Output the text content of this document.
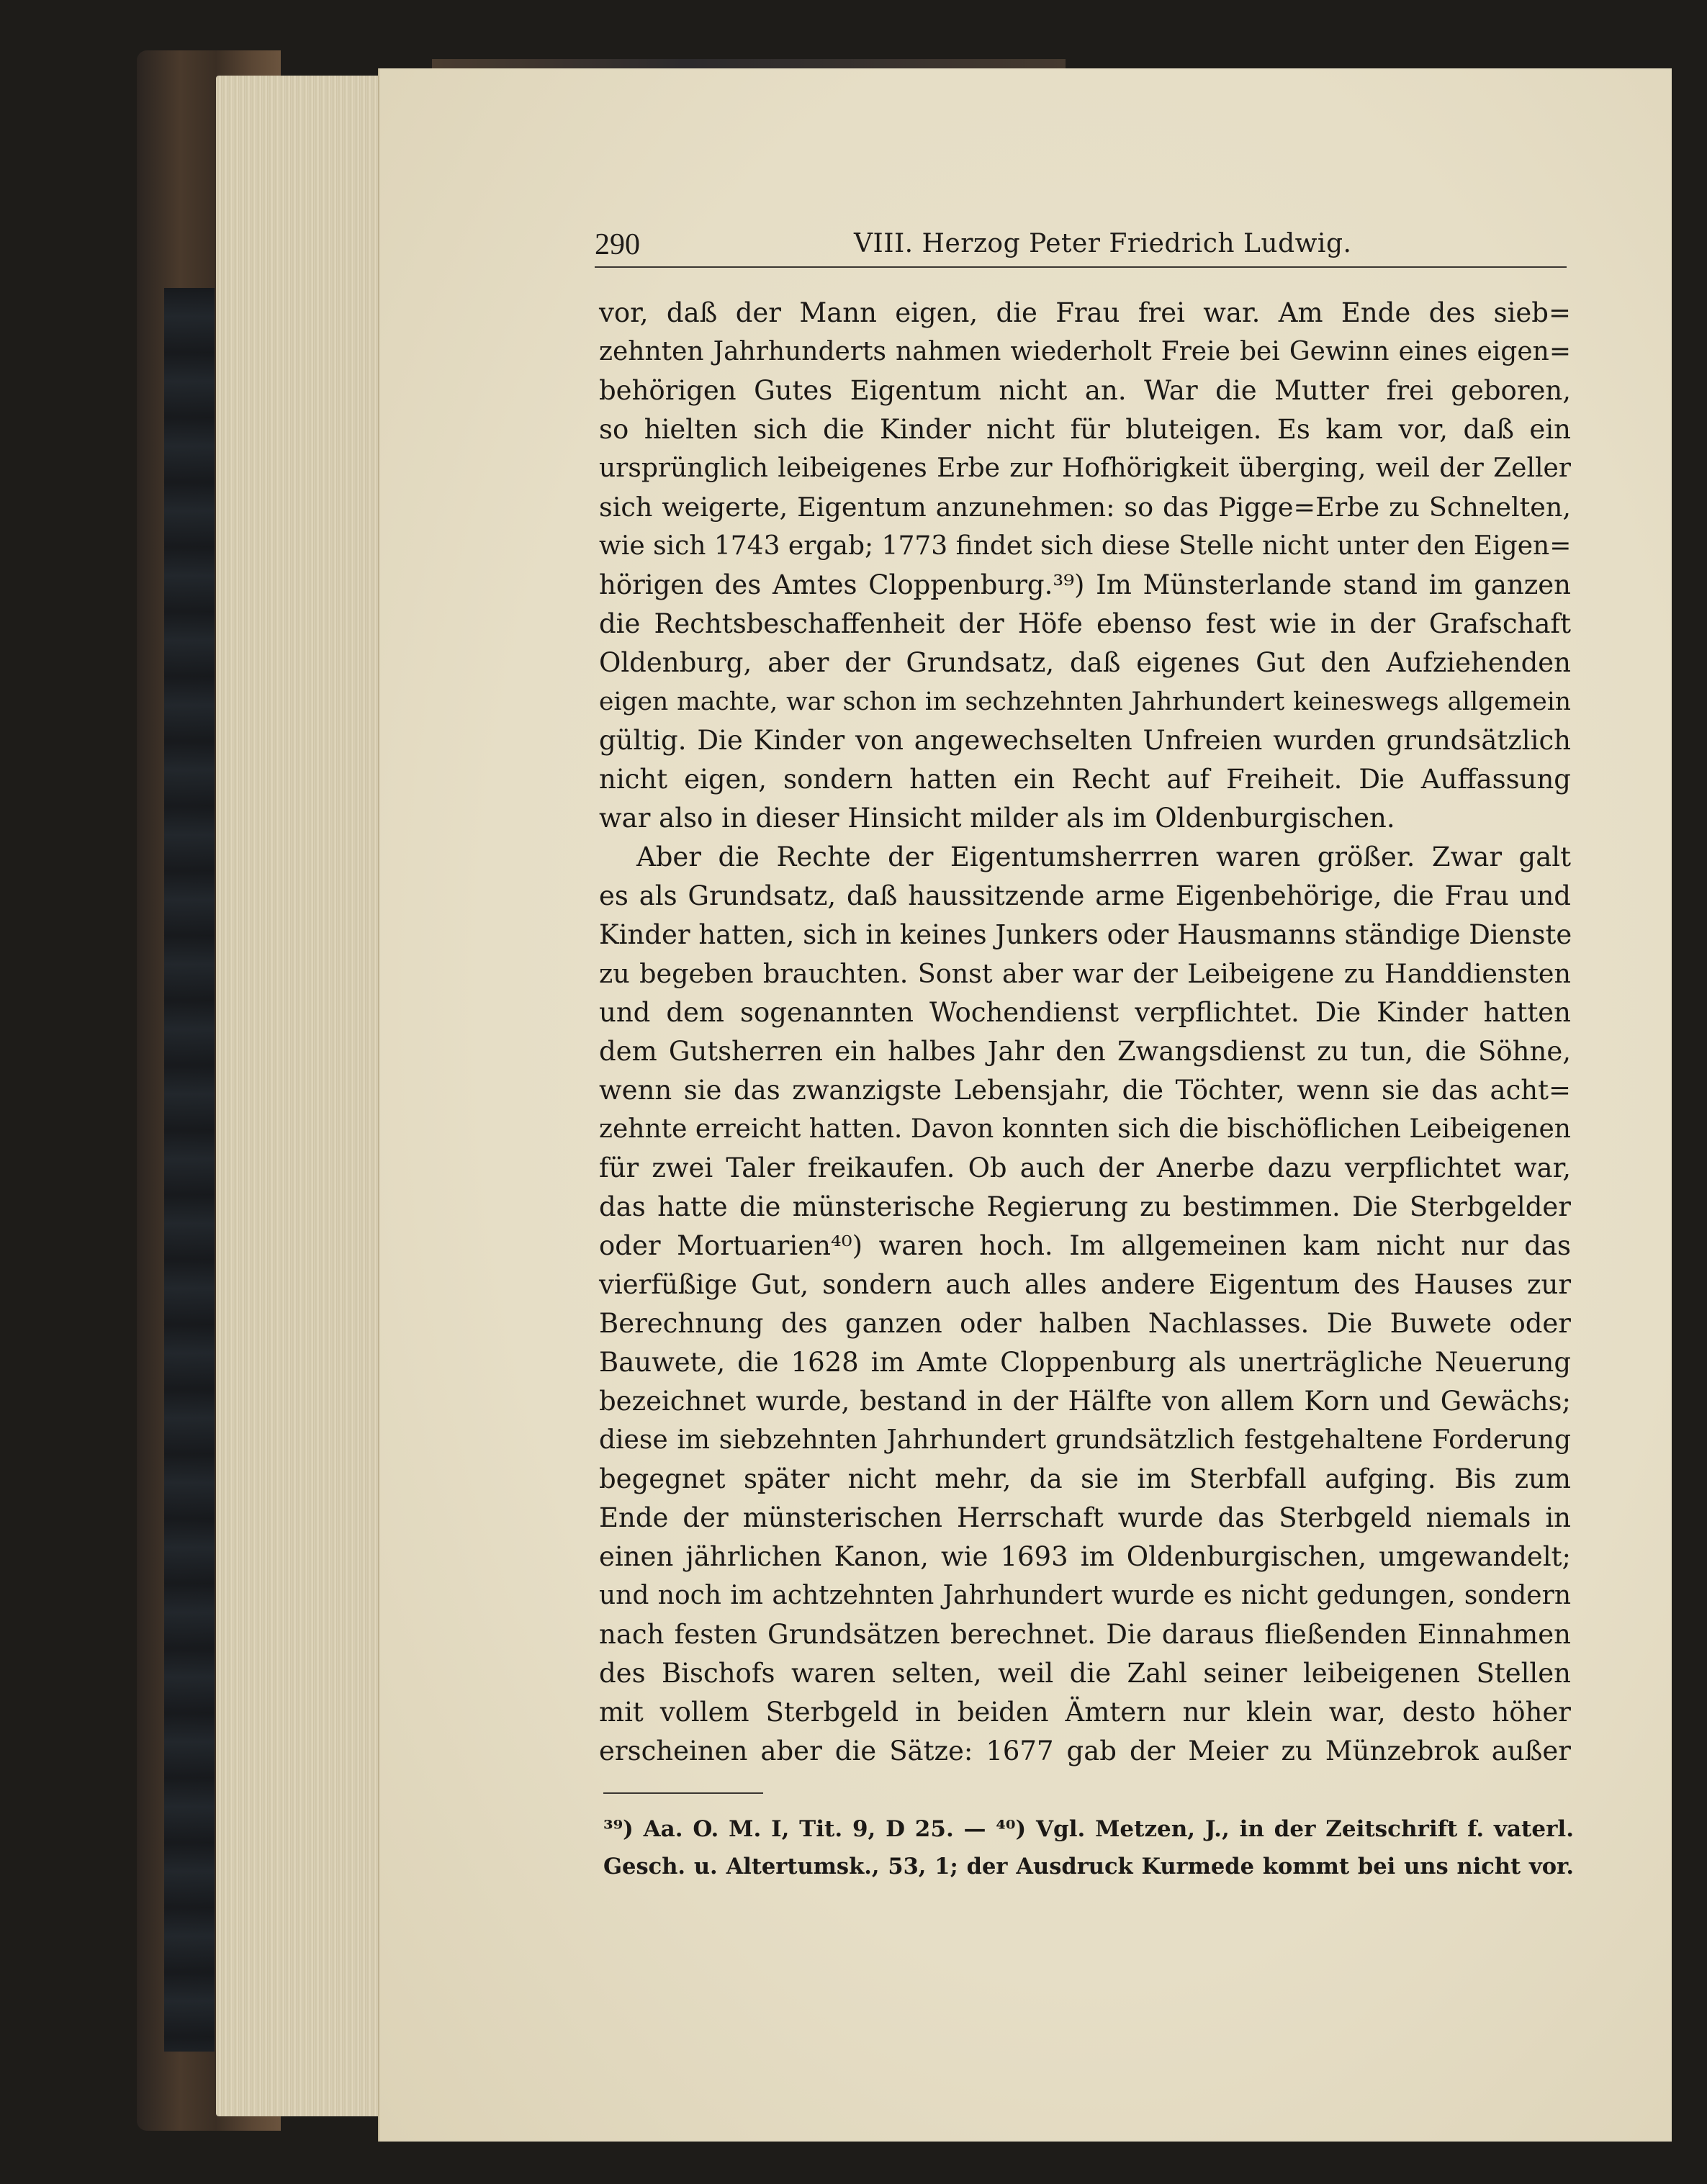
290	VIII. Herzog Peter Friedrich Ludwig.
vor, daß der Mann eigen, die Frau frei war. Am Ende des sieb=
zehnten Jahrhunderts nahmen wiederholt Freie bei Gewinn eines eigen=
behörigen Gutes Eigentum nicht an. War die Mutter frei geboren,
so hielten sich die Kinder nicht für bluteigen. Es kam vor, daß ein
ursprünglich leibeigenes Erbe zur Hofhörigkeit überging, weil der Zeller
sich weigerte, Eigentum anzunehmen: so das Pigge=Erbe zu Schnelten,
wie sich 1743 ergab; 1773 findet sich diese Stelle nicht unter den Eigen=
hörigen des Amtes Cloppenburg.³⁹) Im Münsterlande stand im ganzen
die Rechtsbeschaffenheit der Höfe ebenso fest wie in der Grafschaft
Oldenburg, aber der Grundsatz, daß eigenes Gut den Aufziehenden
eigen machte, war schon im sechzehnten Jahrhundert keineswegs allgemein
gültig. Die Kinder von angewechselten Unfreien wurden grundsätzlich
nicht eigen, sondern hatten ein Recht auf Freiheit. Die Auffassung
war also in dieser Hinsicht milder als im Oldenburgischen.
Aber die Rechte der Eigentumsherrren waren größer. Zwar galt
es als Grundsatz, daß haussitzende arme Eigenbehörige, die Frau und
Kinder hatten, sich in keines Junkers oder Hausmanns ständige Dienste
zu begeben brauchten. Sonst aber war der Leibeigene zu Handdiensten
und dem sogenannten Wochendienst verpflichtet. Die Kinder hatten
dem Gutsherren ein halbes Jahr den Zwangsdienst zu tun, die Söhne,
wenn sie das zwanzigste Lebensjahr, die Töchter, wenn sie das acht=
zehnte erreicht hatten. Davon konnten sich die bischöflichen Leibeigenen
für zwei Taler freikaufen. Ob auch der Anerbe dazu verpflichtet war,
das hatte die münsterische Regierung zu bestimmen. Die Sterbgelder
oder Mortuarien⁴⁰) waren hoch. Im allgemeinen kam nicht nur das
vierfüßige Gut, sondern auch alles andere Eigentum des Hauses zur
Berechnung des ganzen oder halben Nachlasses. Die Buwete oder
Bauwete, die 1628 im Amte Cloppenburg als unerträgliche Neuerung
bezeichnet wurde, bestand in der Hälfte von allem Korn und Gewächs;
diese im siebzehnten Jahrhundert grundsätzlich festgehaltene Forderung
begegnet später nicht mehr, da sie im Sterbfall aufging. Bis zum
Ende der münsterischen Herrschaft wurde das Sterbgeld niemals in
einen jährlichen Kanon, wie 1693 im Oldenburgischen, umgewandelt;
und noch im achtzehnten Jahrhundert wurde es nicht gedungen, sondern
nach festen Grundsätzen berechnet. Die daraus fließenden Einnahmen
des Bischofs waren selten, weil die Zahl seiner leibeigenen Stellen
mit vollem Sterbgeld in beiden Ämtern nur klein war, desto höher
erscheinen aber die Sätze: 1677 gab der Meier zu Münzebrok außer
³⁹) Aa. O. M. I, Tit. 9, D 25. — ⁴⁰) Vgl. Metzen, J., in der Zeitschrift f. vaterl.
Gesch. u. Altertumsk., 53, 1; der Ausdruck Kurmede kommt bei uns nicht vor.
